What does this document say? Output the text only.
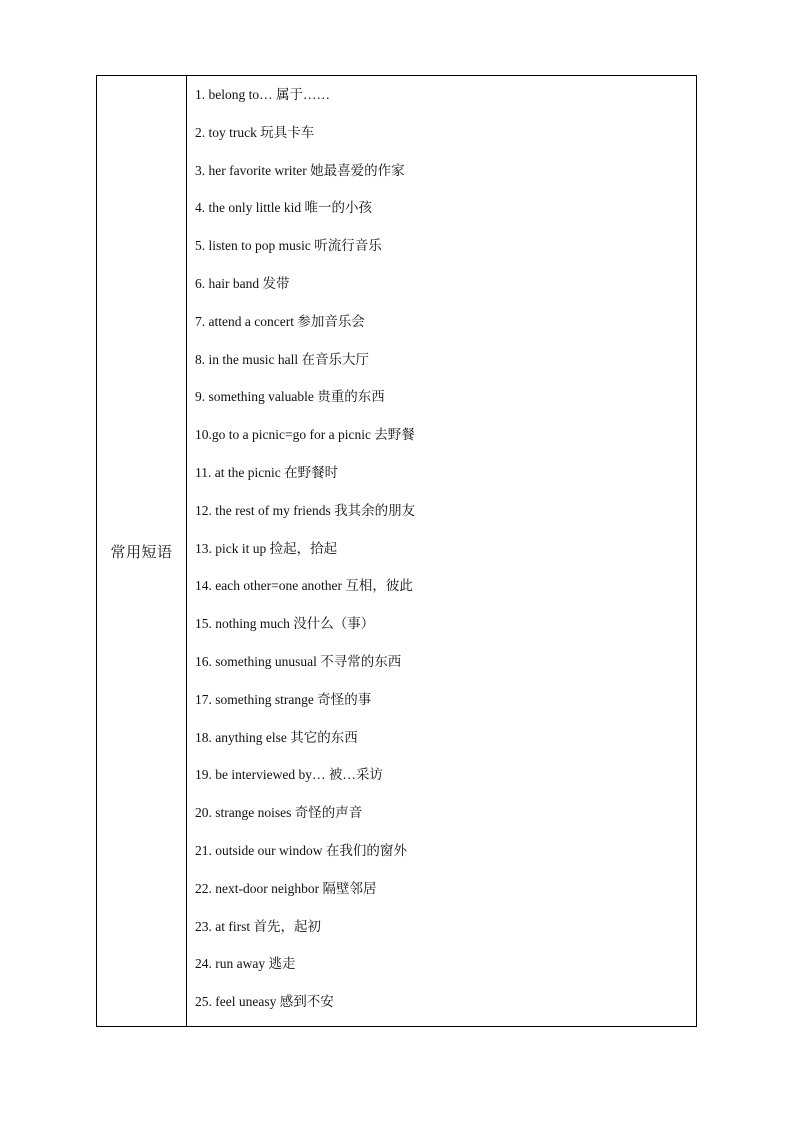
常用短语
1. belong to… 属于……
2. toy truck 玩具卡车
3. her favorite writer 她最喜爱的作家
4. the only little kid 唯一的小孩
5. listen to pop music 听流行音乐
6. hair band 发带
7. attend a concert 参加音乐会
8. in the music hall 在音乐大厅
9. something valuable 贵重的东西
10.go to a picnic=go for a picnic 去野餐
11. at the picnic 在野餐时
12. the rest of my friends 我其余的朋友
13. pick it up 捡起，拾起
14. each other=one another 互相，彼此
15. nothing much 没什么（事）
16. something unusual 不寻常的东西
17. something strange 奇怪的事
18. anything else 其它的东西
19. be interviewed by… 被…采访
20. strange noises 奇怪的声音
21. outside our window 在我们的窗外
22. next-door neighbor 隔壁邻居
23. at first 首先，起初
24. run away 逃走
25. feel uneasy 感到不安
